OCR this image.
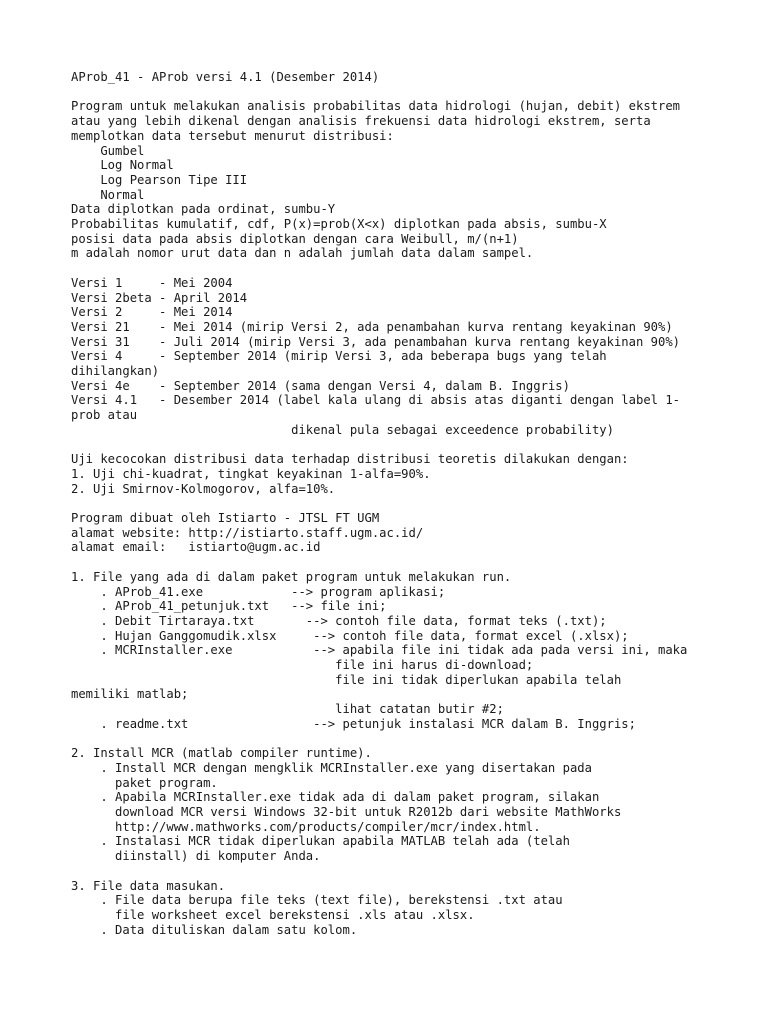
AProb_41 - AProb versi 4.1 (Desember 2014)
Program untuk melakukan analisis probabilitas data hidrologi (hujan, debit) ekstrem
atau yang lebih dikenal dengan analisis frekuensi data hidrologi ekstrem, serta
memplotkan data tersebut menurut distribusi:
Gumbel
Log Normal
Log Pearson Tipe III
Normal
Data diplotkan pada ordinat, sumbu-Y
Probabilitas kumulatif, cdf, P(x)=prob(X<x) diplotkan pada absis, sumbu-X
posisi data pada absis diplotkan dengan cara Weibull, m/(n+1)
m adalah nomor urut data dan n adalah jumlah data dalam sampel.
Versi 1     - Mei 2004
Versi 2beta - April 2014
Versi 2     - Mei 2014
Versi 21    - Mei 2014 (mirip Versi 2, ada penambahan kurva rentang keyakinan 90%)
Versi 31    - Juli 2014 (mirip Versi 3, ada penambahan kurva rentang keyakinan 90%)
Versi 4     - September 2014 (mirip Versi 3, ada beberapa bugs yang telah
dihilangkan)
Versi 4e    - September 2014 (sama dengan Versi 4, dalam B. Inggris)
Versi 4.1   - Desember 2014 (label kala ulang di absis atas diganti dengan label 1-
prob atau
dikenal pula sebagai exceedence probability)
Uji kecocokan distribusi data terhadap distribusi teoretis dilakukan dengan:
1. Uji chi-kuadrat, tingkat keyakinan 1-alfa=90%.
2. Uji Smirnov-Kolmogorov, alfa=10%.
Program dibuat oleh Istiarto - JTSL FT UGM
alamat website: http://istiarto.staff.ugm.ac.id/
alamat email:   istiarto@ugm.ac.id
1. File yang ada di dalam paket program untuk melakukan run.
. AProb_41.exe            --> program aplikasi;
. AProb_41_petunjuk.txt   --> file ini;
. Debit Tirtaraya.txt       --> contoh file data, format teks (.txt);
. Hujan Ganggomudik.xlsx     --> contoh file data, format excel (.xlsx);
. MCRInstaller.exe           --> apabila file ini tidak ada pada versi ini, maka
file ini harus di-download;
file ini tidak diperlukan apabila telah
memiliki matlab;
lihat catatan butir #2;
. readme.txt                 --> petunjuk instalasi MCR dalam B. Inggris;
2. Install MCR (matlab compiler runtime).
. Install MCR dengan mengklik MCRInstaller.exe yang disertakan pada
paket program.
. Apabila MCRInstaller.exe tidak ada di dalam paket program, silakan
download MCR versi Windows 32-bit untuk R2012b dari website MathWorks
http://www.mathworks.com/products/compiler/mcr/index.html.
. Instalasi MCR tidak diperlukan apabila MATLAB telah ada (telah
diinstall) di komputer Anda.
3. File data masukan.
. File data berupa file teks (text file), berekstensi .txt atau
file worksheet excel berekstensi .xls atau .xlsx.
. Data dituliskan dalam satu kolom.
